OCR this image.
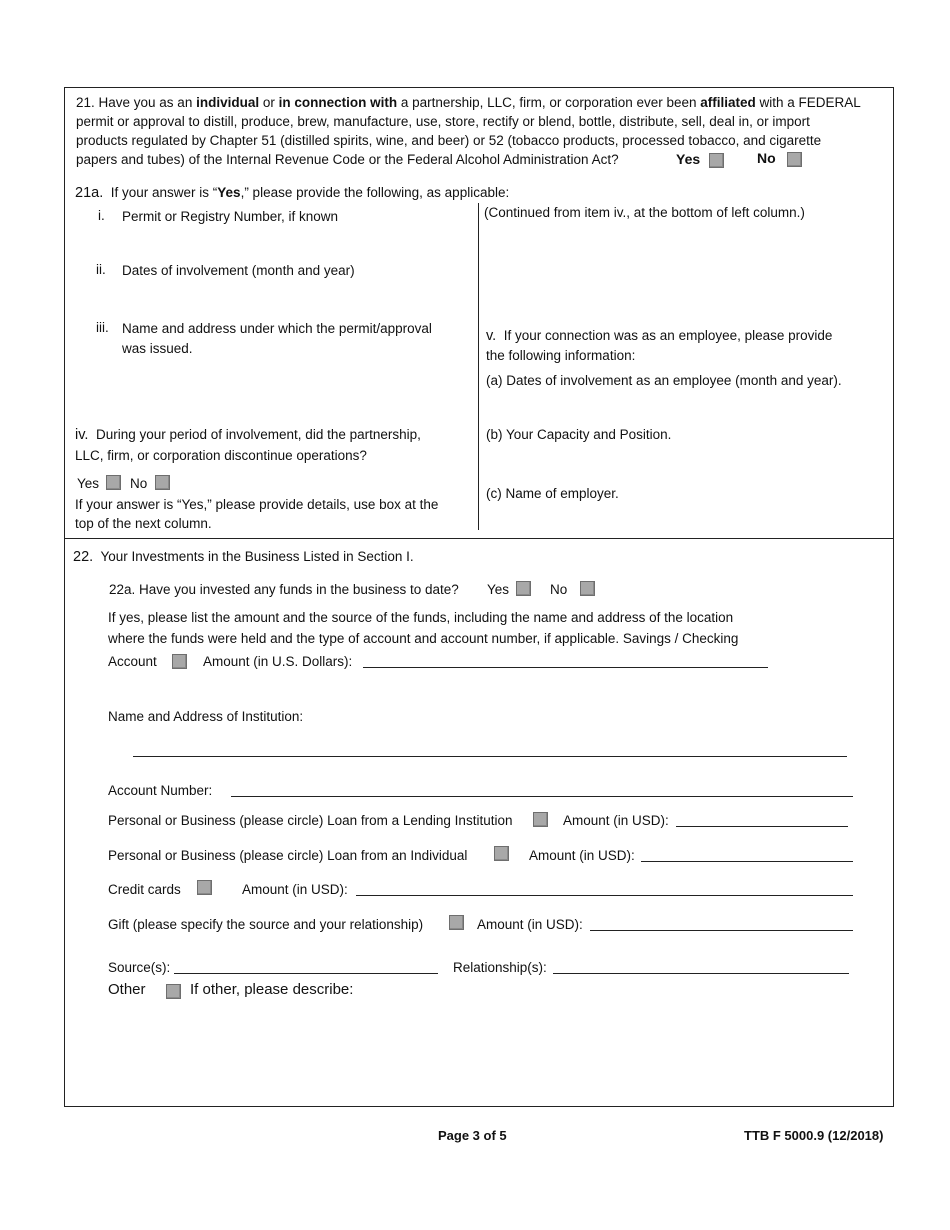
21. Have you as an individual or in connection with a partnership, LLC, firm, or corporation ever been affiliated with a FEDERAL
permit or approval to distill, produce, brew, manufacture, use, store, rectify or blend, bottle, distribute, sell, deal in, or import
products regulated by Chapter 51 (distilled spirits, wine, and beer) or 52 (tobacco products, processed tobacco, and cigarette
papers and tubes) of the Internal Revenue Code or the Federal Alcohol Administration Act?	Yes	No
21a. If your answer is “Yes,” please provide the following, as applicable:
i. Permit or Registry Number, if known
ii. Dates of involvement (month and year)
iii. Name and address under which the permit/approval
was issued.
iv. During your period of involvement, did the partnership,
LLC, firm, or corporation discontinue operations?
Yes No
If your answer is “Yes,” please provide details, use box at the
top of the next column.
(Continued from item iv., at the bottom of left column.)
v. If your connection was as an employee, please provide
the following information:
(a) Dates of involvement as an employee (month and year).
(b) Your Capacity and Position.
(c) Name of employer.
22. Your Investments in the Business Listed in Section I.
22a. Have you invested any funds in the business to date? Yes	No
If yes, please list the amount and the source of the funds, including the name and address of the location
where the funds were held and the type of account and account number, if applicable. Savings / Checking
Account	Amount (in U.S. Dollars):
Name and Address of Institution:
Account Number:
Personal or Business (please circle) Loan from a Lending Institution	Amount (in USD):
Personal or Business (please circle) Loan from an Individual	Amount (in USD):
Credit cards	Amount (in USD):
Gift (please specify the source and your relationship)	Amount (in USD):
Source(s):	Relationship(s):
Other	If other, please describe:
Page 3 of 5	TTB F 5000.9 (12/2018)
